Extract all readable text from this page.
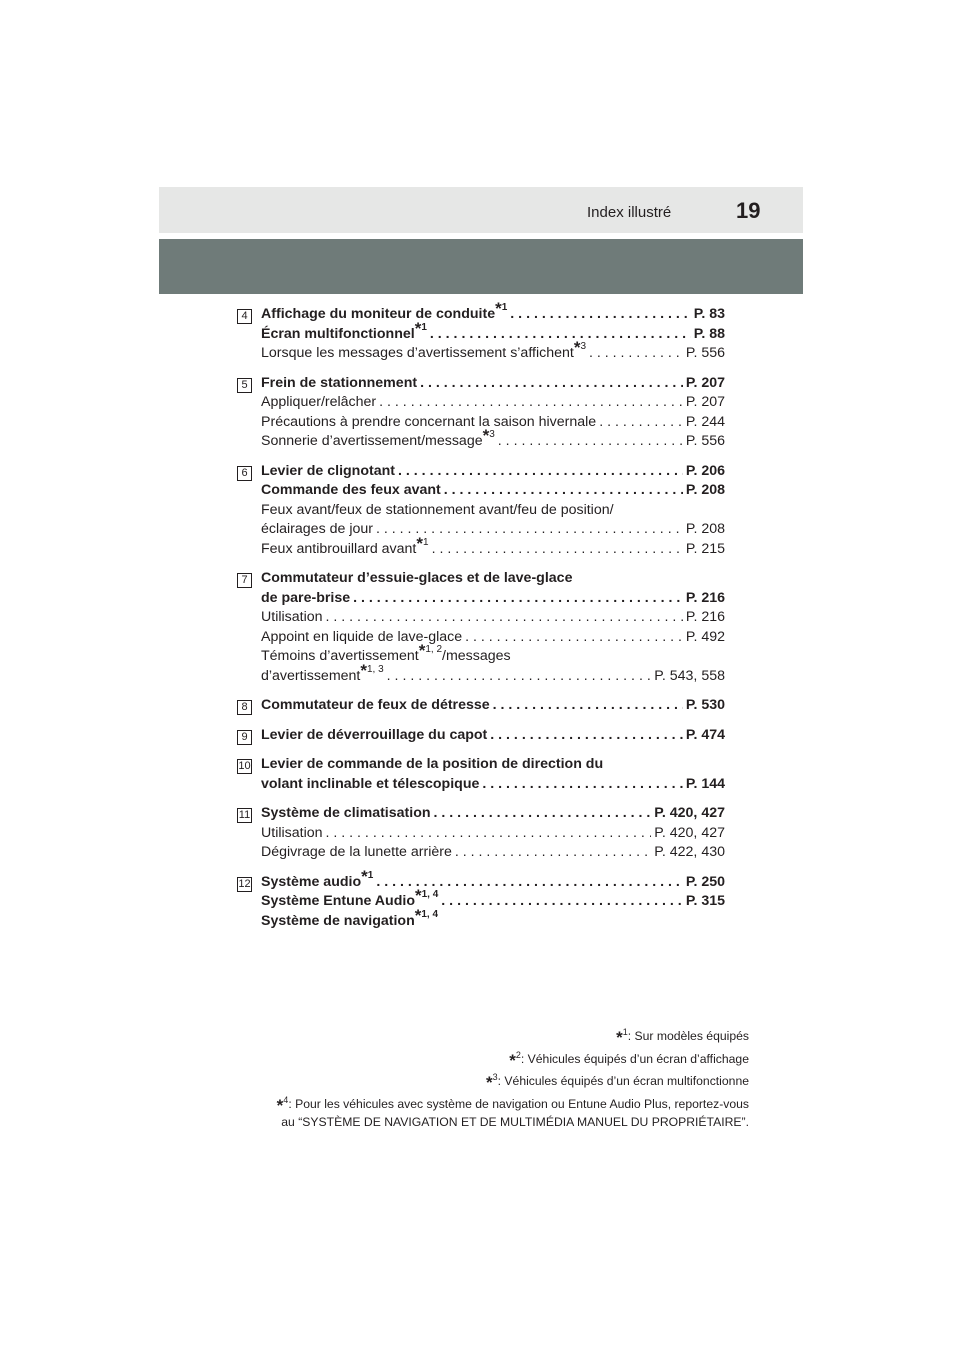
Index illustré	19
4 Affichage du moniteur de conduite$^{*1}$ . . .	P. 83
Écran multifonctionnel$^{*1}$ . . .	P. 88
Lorsque les messages d’avertissement s’affichent$^{*3}$ . . .	P. 556
5 Frein de stationnement . . .	P. 207
Appliquer/relâcher . . .	P. 207
Précautions à prendre concernant la saison hivernale . . .	P. 244
Sonnerie d’avertissement/message$^{*3}$ . . .	P. 556
6 Levier de clignotant . . .	P. 206
Commande des feux avant . . .	P. 208
Feux avant/feux de stationnement avant/feu de position/
éclairages de jour . . .	P. 208
Feux antibrouillard avant$^{*1}$ . . .	P. 215
7 Commutateur d’essuie-glaces et de lave-glace
de pare-brise . . .	P. 216
Utilisation . . .	P. 216
Appoint en liquide de lave-glace . . .	P. 492
Témoins d’avertissement$^{*1, 2}$/messages
d’avertissement$^{*1, 3}$ . . .	P. 543, 558
8 Commutateur de feux de détresse . . .	P. 530
9 Levier de déverrouillage du capot . . .	P. 474
10 Levier de commande de la position de direction du
volant inclinable et télescopique . . .	P. 144
11 Système de climatisation . . .	P. 420, 427
Utilisation . . .	P. 420, 427
Dégivrage de la lunette arrière . . .	P. 422, 430
12 Système audio$^{*1}$ . . .	P. 250
Système Entune Audio$^{*1, 4}$ . . .	P. 315
Système de navigation$^{*1, 4}$
*$^1$: Sur modèles équipés
*$^2$: Véhicules équipés d’un écran d’affichage
*$^3$: Véhicules équipés d’un écran multifonctionne
*$^4$: Pour les véhicules avec système de navigation ou Entune Audio Plus, reportez-vous
au “SYSTÈME DE NAVIGATION ET DE MULTIMÉDIA MANUEL DU PROPRIÉTAIRE”.
